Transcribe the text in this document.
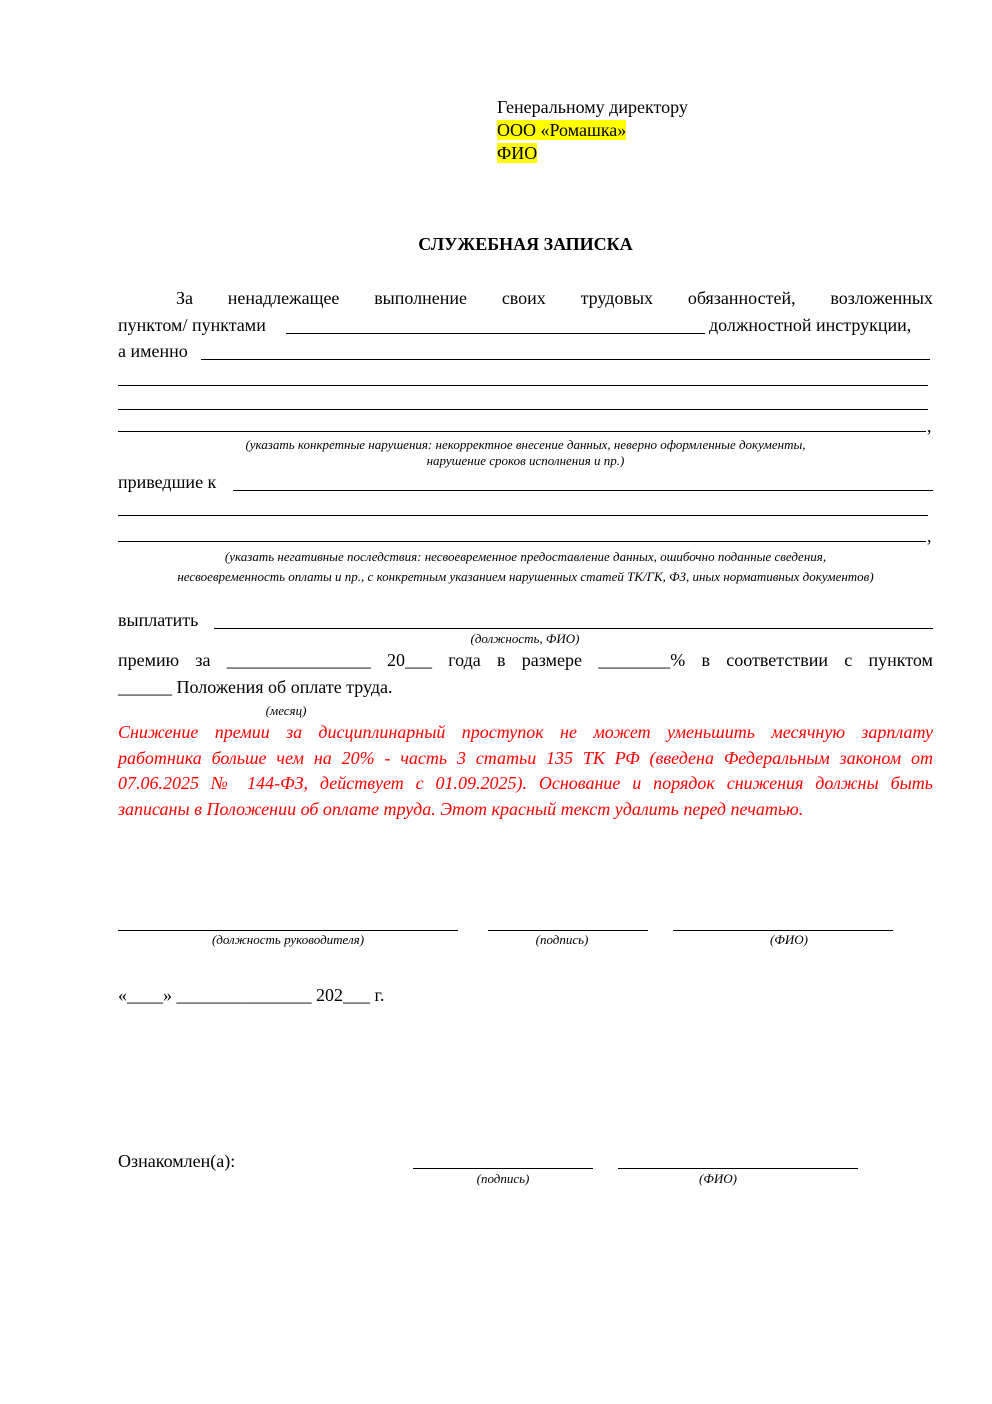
Генеральному директору
ООО «Ромашка»
ФИО
СЛУЖЕБНАЯ ЗАПИСКА
За ненадлежащее выполнение своих трудовых обязанностей, возложенных
пунктом/ пунктами	должностной инструкции,
а именно
,
(указать конкретные нарушения: некорректное внесение данных, неверно оформленные документы,
нарушение сроков исполнения и пр.)
приведшие к
,
(указать негативные последствия: несвоевременное предоставление данных, ошибочно поданные сведения,
несвоевременность оплаты и пр., с конкретным указанием нарушенных статей ТК/ГК, ФЗ, иных нормативных документов)
выплатить
(должность, ФИО)
премию за ________________ 20___ года в размере ________% в соответствии с пунктом
______ Положения об оплате труда.
(месяц)
Снижение премии за дисциплинарный проступок не может уменьшить месячную зарплату
работника больше чем на 20% - часть 3 статьи 135 ТК РФ (введена Федеральным законом от
07.06.2025 № 144-ФЗ, действует с 01.09.2025). Основание и порядок снижения должны быть
записаны в Положении об оплате труда. Этот красный текст удалить перед печатью.
(должность руководителя)	(подпись)	(ФИО)
«____» _______________ 202___ г.
Ознакомлен(а):
(подпись)	(ФИО)
